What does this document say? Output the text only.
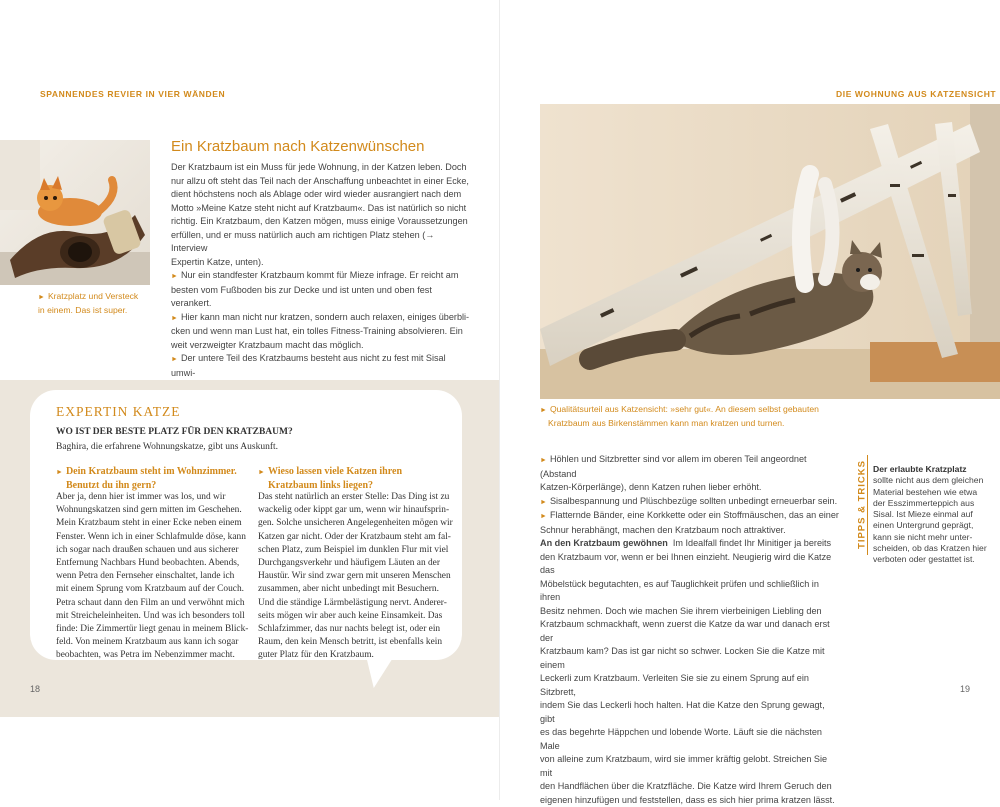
SPANNENDES REVIER IN VIER WÄNDEN
► Kratzplatz und Versteck
in einem. Das ist super.
Ein Kratzbaum nach Katzenwünschen

Der Kratzbaum ist ein Muss für jede Wohnung, in der Katzen leben. Doch

nur allzu oft steht das Teil nach der Anschaffung unbeachtet in einer Ecke,

dient höchstens noch als Ablage oder wird wieder ausrangiert nach dem

Motto »Meine Katze steht nicht auf Kratzbaum«. Das ist natürlich so nicht

richtig. Ein Kratzbaum, den Katzen mögen, muss einige Voraussetzungen

erfüllen, und er muss natürlich auch am richtigen Platz stehen (→ Interview

Expertin Katze, unten).

► Nur ein standfester Kratzbaum kommt für Mieze infrage. Er reicht am

besten vom Fußboden bis zur Decke und ist unten und oben fest verankert.

► Hier kann man nicht nur kratzen, sondern auch relaxen, einiges überbli-

cken und wenn man Lust hat, ein tolles Fitness-Training absolvieren. Ein

weit verzweigter Kratzbaum macht das möglich.

► Der untere Teil des Kratzbaums besteht aus nicht zu fest mit Sisal umwi-

EXPERTIN KATZE
WO IST DER BESTE PLATZ FÜR DEN KRATZBAUM?
Baghira, die erfahrene Wohnungskatze, gibt uns Auskunft.
► Dein Kratzbaum steht im Wohnzimmer.
Benutzt du ihn gern?
Aber ja, denn hier ist immer was los, und wir
Wohnungskatzen sind gern mitten im Geschehen.
Mein Kratzbaum steht in einer Ecke neben einem
Fenster. Wenn ich in einer Schlafmulde döse, kann
ich sogar nach draußen schauen und aus sicherer
Entfernung Nachbars Hund beobachten. Abends,
wenn Petra den Fernseher einschaltet, lande ich
mit einem Sprung vom Kratzbaum auf der Couch.
Petra schaut dann den Film an und verwöhnt mich
mit Streicheleinheiten. Und was ich besonders toll
finde: Die Zimmertür liegt genau in meinem Blick-
feld. Von meinem Kratzbaum aus kann ich sogar
beobachten, was Petra im Nebenzimmer macht.
► Wieso lassen viele Katzen ihren
Kratzbaum links liegen?
Das steht natürlich an erster Stelle: Das Ding ist zu
wackelig oder kippt gar um, wenn wir hinaufsprin-
gen. Solche unsicheren Angelegenheiten mögen wir
Katzen gar nicht. Oder der Kratzbaum steht am fal-
schen Platz, zum Beispiel im dunklen Flur mit viel
Durchgangsverkehr und häufigem Läuten an der
Haustür. Wir sind zwar gern mit unseren Menschen
zusammen, aber nicht unbedingt mit Besuchern.
Und die ständige Lärmbelästigung nervt. Anderer-
seits mögen wir aber auch keine Einsamkeit. Das
Schlafzimmer, das nur nachts belegt ist, oder ein
Raum, den kein Mensch betritt, ist ebenfalls kein
guter Platz für den Kratzbaum.
18
DIE WOHNUNG AUS KATZENSICHT
► Qualitätsurteil aus Katzensicht: »sehr gut«. An diesem selbst gebauten
Kratzbaum aus Birkenstämmen kann man kratzen und turnen.

► Höhlen und Sitzbretter sind vor allem im oberen Teil angeordnet (Abstand

Katzen-Körperlänge), denn Katzen ruhen lieber erhöht.

► Sisalbespannung und Plüschbezüge sollten unbedingt erneuerbar sein.

► Flatternde Bänder, eine Korkkette oder ein Stoffmäuschen, das an einer

Schnur herabhängt, machen den Kratzbaum noch attraktiver.

An den Kratzbaum gewöhnen Im Idealfall findet Ihr Minitiger ja bereits

den Kratzbaum vor, wenn er bei Ihnen einzieht. Neugierig wird die Katze das

Möbelstück begutachten, es auf Tauglichkeit prüfen und schließlich in ihren

Besitz nehmen. Doch wie machen Sie ihrem vierbeinigen Liebling den

Kratzbaum schmackhaft, wenn zuerst die Katze da war und danach erst der

Kratzbaum kam? Das ist gar nicht so schwer. Locken Sie die Katze mit einem

Leckerli zum Kratzbaum. Verleiten Sie sie zu einem Sprung auf ein Sitzbrett,

indem Sie das Leckerli hoch halten. Hat die Katze den Sprung gewagt, gibt

es das begehrte Häppchen und lobende Worte. Läuft sie die nächsten Male

von alleine zum Kratzbaum, wird sie immer kräftig gelobt. Streichen Sie mit

den Handflächen über die Kratzfläche. Die Katze wird Ihrem Geruch den

eigenen hinzufügen und feststellen, dass es sich hier prima kratzen lässt.

TIPPS & TRICKS Der erlaubte Kratzplatz
sollte nicht aus dem gleichen
Material bestehen wie etwa
der Esszimmerteppich aus
Sisal. Ist Mieze einmal auf
einen Untergrund geprägt,
kann sie nicht mehr unter-
scheiden, ob das Kratzen hier
verboten oder gestattet ist.
19
